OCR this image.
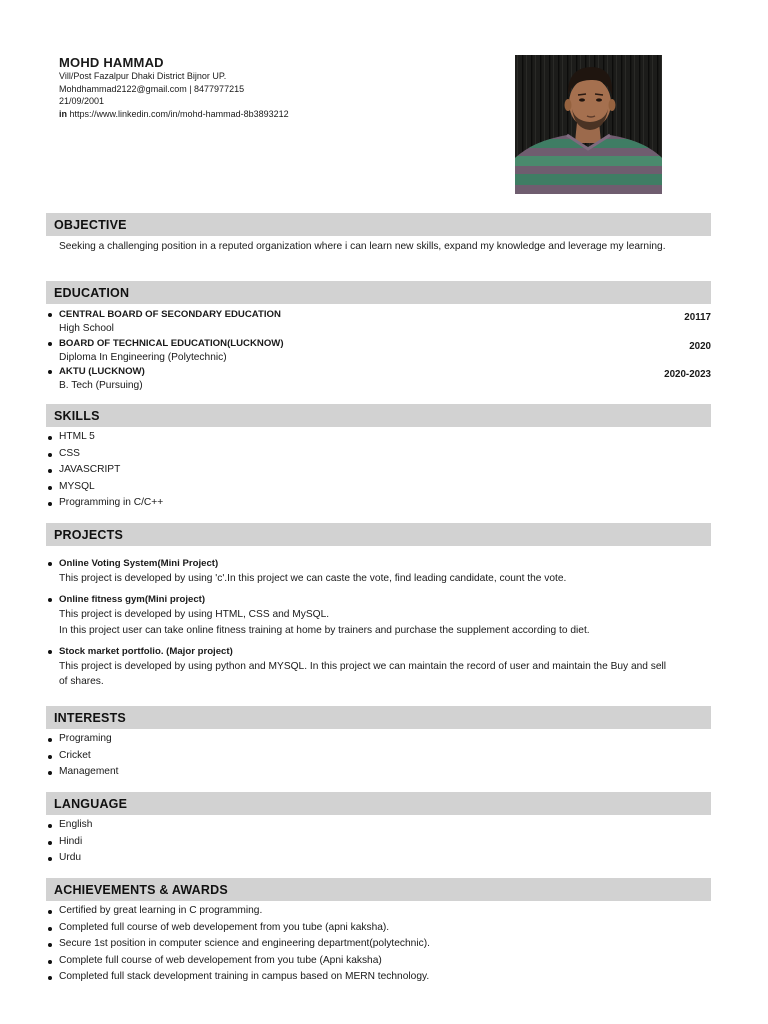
MOHD HAMMAD
Vill/Post Fazalpur Dhaki District Bijnor UP.
Mohdhammad2122@gmail.com | 8477977215
21/09/2001
in https://www.linkedin.com/in/mohd-hammad-8b3893212
OBJECTIVE
Seeking a challenging position in a reputed organization where i can learn new skills, expand my knowledge and leverage my learning.
EDUCATION
CENTRAL BOARD OF SECONDARY EDUCATION
High School
20117
BOARD OF TECHNICAL EDUCATION(LUCKNOW)
Diploma In Engineering (Polytechnic)
2020
AKTU (LUCKNOW)
B. Tech (Pursuing)
2020-2023
SKILLS
HTML 5
CSS
JAVASCRIPT
MYSQL
Programming in C/C++
PROJECTS
Online Voting System(Mini Project)
This project is developed by using 'c'.In this project we can caste the vote, find leading candidate, count the vote.
Online fitness gym(Mini project)
This project is developed by using HTML, CSS and MySQL.
In this project user can take online fitness training at home by trainers and purchase the supplement according to diet.
Stock market portfolio. (Major project)
This project is developed by using python and MYSQL. In this project we can maintain the record of user and maintain the Buy and sell of shares.
INTERESTS
Programing
Cricket
Management
LANGUAGE
English
Hindi
Urdu
ACHIEVEMENTS & AWARDS
Certified by great learning in C programming.
Completed full course of web developement from you tube (apni kaksha).
Secure 1st position in computer science and engineering department(polytechnic).
Complete full course of web developement from you tube (Apni kaksha)
Completed full stack development training in campus based on MERN technology.
